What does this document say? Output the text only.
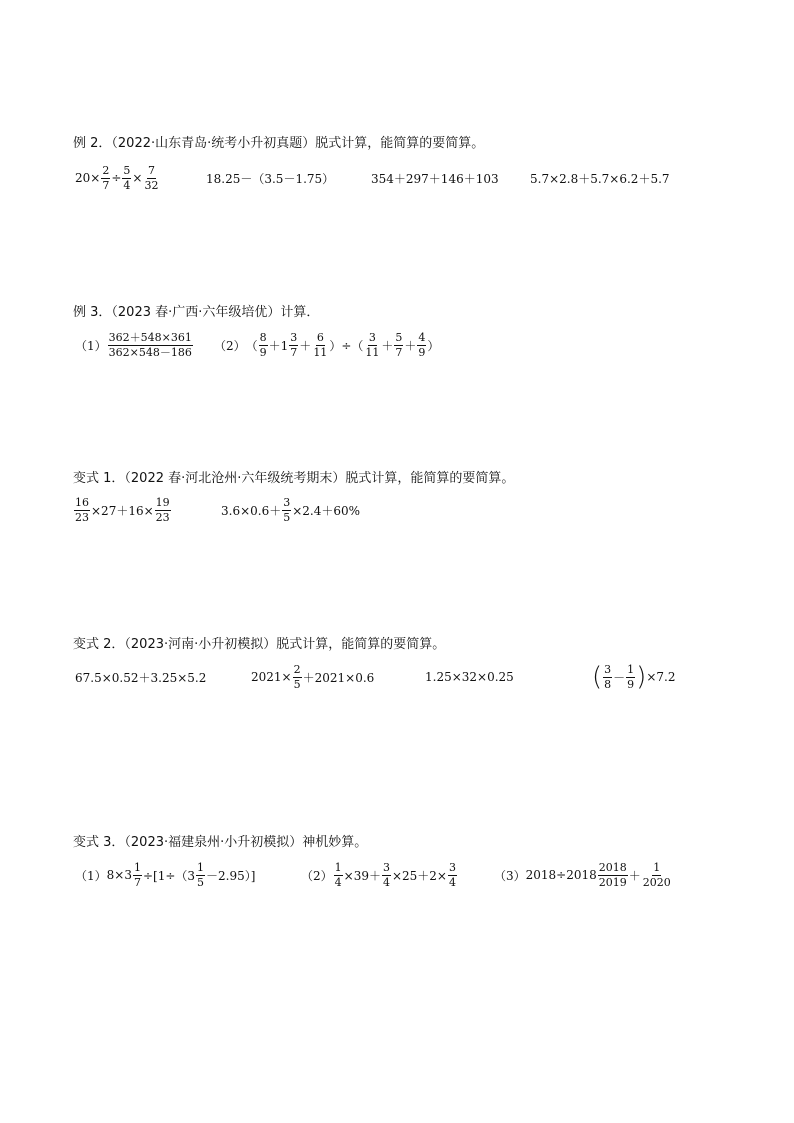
例 2．（2022·山东青岛·统考小升初真题）脱式计算，能简算的要简算。
$20\times \frac{2}{7} \div \frac{5}{4} \times \frac{7}{32}$	18.25－（3.5－1.75）	354＋297＋146＋103	5.7×2.8＋5.7×6.2＋5.7
例 3．（2023 春·广西·六年级培优）计算．
$(1) \frac{362+548\times 361}{362\times 548-186} (2)$ （ $\frac{8}{9} +1 \frac{3}{7} + \frac{6}{11}$ ）÷（ $\frac{3}{11} + \frac{5}{7} + \frac{4}{9}$ ）
变式 1．（2022 春·河北沧州·六年级统考期末）脱式计算，能简算的要简算。
$\frac{16}{23} \times 27+16\times \frac{19}{23}$	$3.6\times 0.6+ \frac{3}{5} \times 2.4+60\%$
变式 2．（2023·河南·小升初模拟）脱式计算，能简算的要简算。
67.5×0.52＋3.25×5.2	$2021\times \frac{2}{5} +2021\times 0.6$	1.25×32×0.25	( $\frac{3}{8} - \frac{1}{9}$ ) ×7.2
变式 3．（2023·福建泉州·小升初模拟）神机妙算。
（1） $8\times 3 \frac{1}{7} \div[1\div(3 \frac{1}{5} -2.95)]$	$(2) \frac{1}{4} \times 39+ \frac{3}{4} \times 25+2\times \frac{3}{4}$	（3） $2018\div 2018 \frac{2018}{2019} + \frac{1}{2020}$
